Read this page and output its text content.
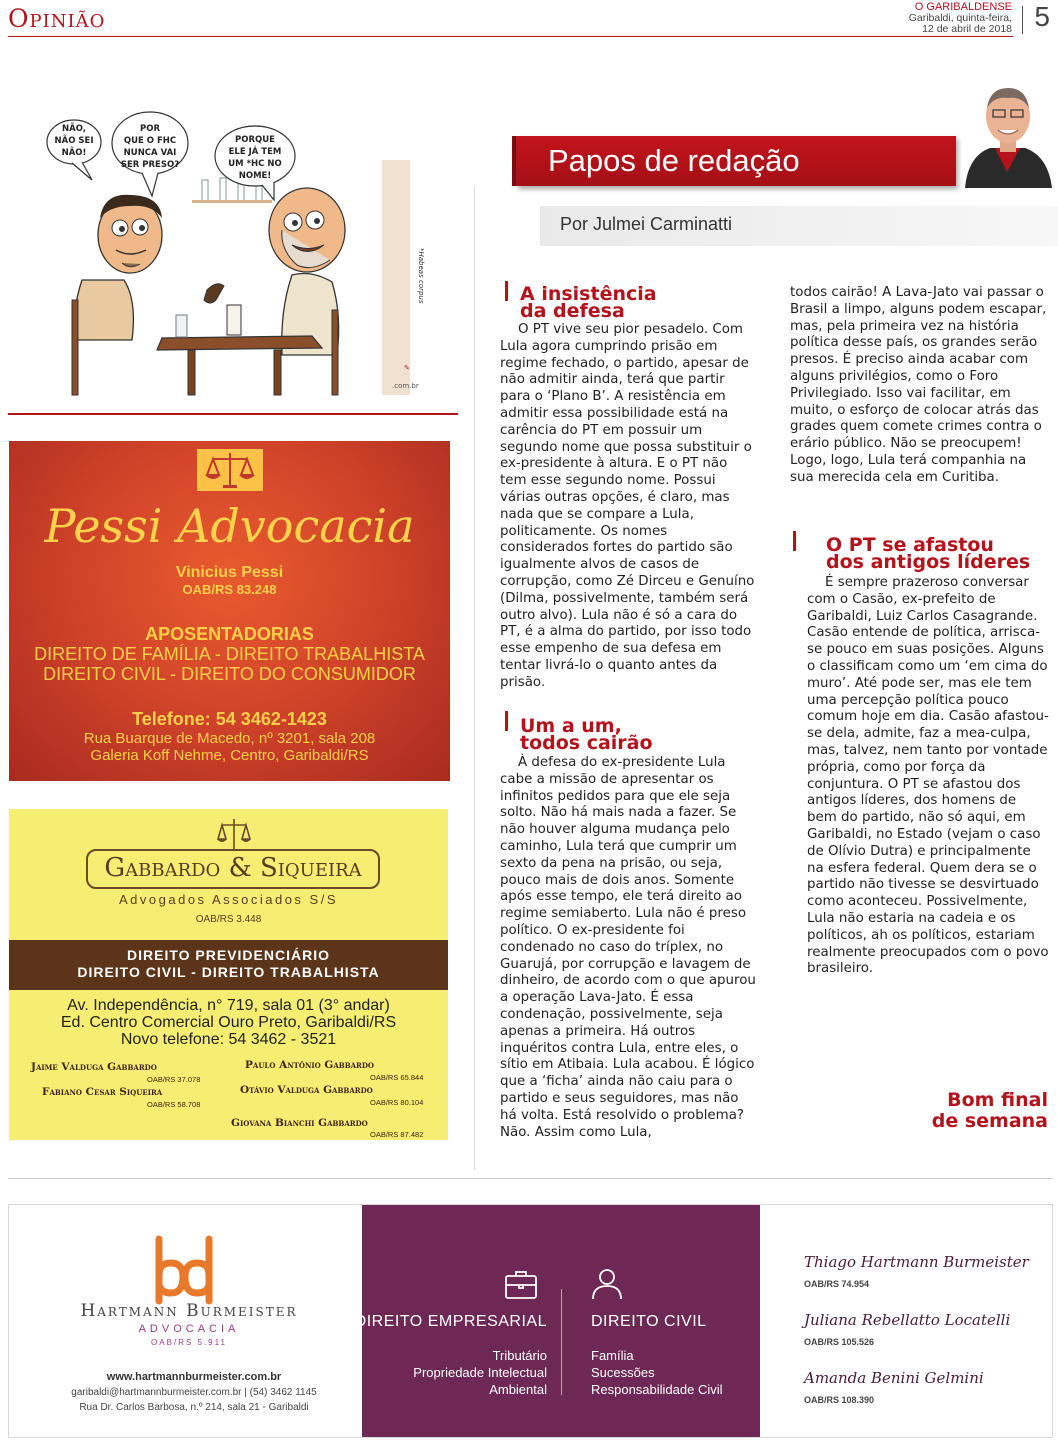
Opinião	O GARIBALDENSE
Garibaldi, quinta-feira,
12 de abril de 2018 5
NÃO,
NÃO SEI
NÃO!
POR
QUE O FHC
NUNCA VAI
SER PRESO?
PORQUE
ELE JÁ TEM
UM *HC NO
NOME!
✎
.com.br
*Habeas corpus
Pessi Advocacia
Vinicius Pessi
OAB/RS 83.248
APOSENTADORIAS
DIREITO DE FAMÍLIA - DIREITO TRABALHISTA
DIREITO CIVIL - DIREITO DO CONSUMIDOR
Telefone: 54 3462-1423
Rua Buarque de Macedo, nº 3201, sala 208
Galeria Koff Nehme, Centro, Garibaldi/RS
Gabbardo & Siqueira
Advogados Associados S/S
OAB/RS 3.448
DIREITO PREVIDENCIÁRIO
DIREITO CIVIL - DIREITO TRABALHISTA
Av. Independência, n° 719, sala 01 (3° andar)
Ed. Centro Comercial Ouro Preto, Garibaldi/RS
Novo telefone: 54 3462 - 3521
Jaime Valduga Gabbardo
OAB/RS 37.078
Paulo Antônio Gabbardo
OAB/RS 65.844
Fabiano Cesar Siqueira
OAB/RS 58.708
Otávio Valduga Gabbardo
OAB/RS 80.104
Giovana Bianchi Gabbardo
OAB/RS 87.482
Papos de redação
Por Julmei Carminatti
A insistência
da defesa

O PT vive seu pior pesadelo. Com Lula agora cumprindo prisão em regime fechado, o partido, apesar de não admitir ainda, terá que partir para o ‘Plano B’. A resistência em admitir essa possibilidade está na carência do PT em possuir um segundo nome que possa substituir o ex-presidente à altura. E o PT não tem esse segundo nome. Possui várias outras opções, é claro, mas nada que se compare a Lula, politicamente. Os nomes considerados fortes do partido são igualmente alvos de casos de corrupção, como Zé Dirceu e Genuíno (Dilma, possivelmente, também será outro alvo). Lula não é só a cara do PT, é a alma do partido, por isso todo esse empenho de sua defesa em tentar livrá-lo o quanto antes da prisão.

Um a um,
todos cairão

À defesa do ex-presidente Lula cabe a missão de apresentar os infinitos pedidos para que ele seja solto. Não há mais nada a fazer. Se não houver alguma mudança pelo caminho, Lula terá que cumprir um sexto da pena na prisão, ou seja, pouco mais de dois anos. Somente após esse tempo, ele terá direito ao regime semiaberto. Lula não é preso político. O ex-presidente foi condenado no caso do tríplex, no Guarujá, por corrupção e lavagem de dinheiro, de acordo com o que apurou a operação Lava-Jato. É essa condenação, possivelmente, seja apenas a primeira. Há outros inquéritos contra Lula, entre eles, o sítio em Atibaia. Lula acabou. É lógico que a ‘ficha’ ainda não caiu para o partido e seus seguidores, mas não há volta. Está resolvido o problema? Não. Assim como Lula,

todos cairão! A Lava-Jato vai passar o Brasil a limpo, alguns podem escapar, mas, pela primeira vez na história política desse país, os grandes serão presos. É preciso ainda acabar com alguns privilégios, como o Foro Privilegiado. Isso vai facilitar, em muito, o esforço de colocar atrás das grades quem comete crimes contra o erário público. Não se preocupem! Logo, logo, Lula terá companhia na sua merecida cela em Curitiba.

O PT se afastou
dos antigos líderes

É sempre prazeroso conversar com o Casão, ex-prefeito de Garibaldi, Luiz Carlos Casagrande. Casão entende de política, arrisca-se pouco em suas posições. Alguns o classificam como um ‘em cima do muro’. Até pode ser, mas ele tem uma percepção política pouco comum hoje em dia. Casão afastou-se dela, admite, faz a mea-culpa, mas, talvez, nem tanto por vontade própria, como por força da conjuntura. O PT se afastou dos antigos líderes, dos homens de bem do partido, não só aqui, em Garibaldi, no Estado (vejam o caso de Olívio Dutra) e principalmente na esfera federal. Quem dera se o partido não tivesse se desvirtuado como aconteceu. Possivelmente, Lula não estaria na cadeia e os políticos, ah os políticos, estariam realmente preocupados com o povo brasileiro.

Bom final
de semana
Hartmann Burmeister
ADVOCACIA
OAB/RS 5.911
www.hartmannburmeister.com.br
garibaldi@hartmannburmeister.com.br | (54) 3462 1145
Rua Dr. Carlos Barbosa, n.º 214, sala 21 - Garibaldi
DIREITO EMPRESARIAL
Tributário
Propriedade Intelectual
Ambiental
DIREITO CIVIL
Família
Sucessões
Responsabilidade Civil
Thiago Hartmann Burmeister
OAB/RS 74.954
Juliana Rebellatto Locatelli
OAB/RS 105.526
Amanda Benini Gelmini
OAB/RS 108.390
